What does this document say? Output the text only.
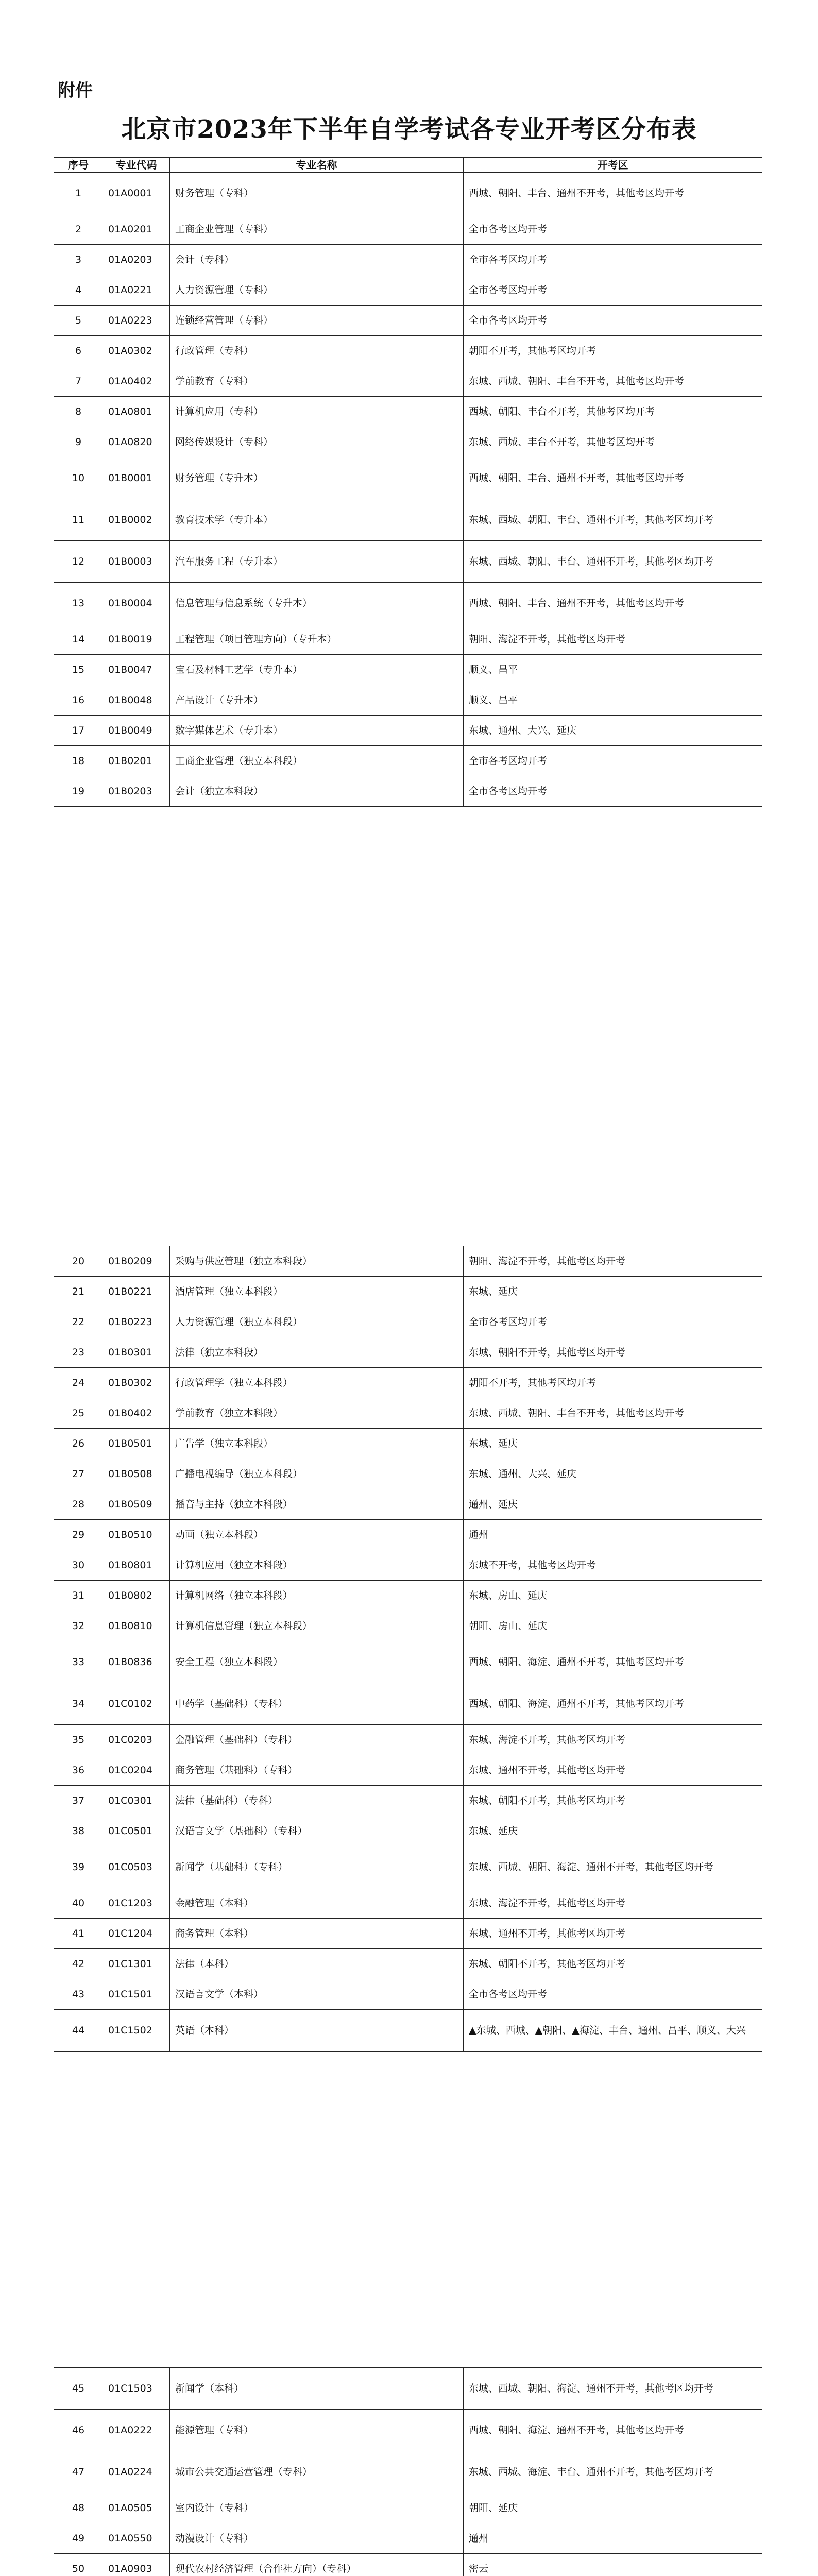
附件
北京市2023年下半年自学考试各专业开考区分布表
序号	专业代码	专业名称	开考区
1	01A0001	财务管理（专科）	西城、朝阳、丰台、通州不开考，其他考区均开考
2	01A0201	工商企业管理（专科）	全市各考区均开考
3	01A0203	会计（专科）	全市各考区均开考
4	01A0221	人力资源管理（专科）	全市各考区均开考
5	01A0223	连锁经营管理（专科）	全市各考区均开考
6	01A0302	行政管理（专科）	朝阳不开考，其他考区均开考
7	01A0402	学前教育（专科）	东城、西城、朝阳、丰台不开考，其他考区均开考
8	01A0801	计算机应用（专科）	西城、朝阳、丰台不开考，其他考区均开考
9	01A0820	网络传媒设计（专科）	东城、西城、丰台不开考，其他考区均开考
10	01B0001	财务管理（专升本）	西城、朝阳、丰台、通州不开考，其他考区均开考
11	01B0002	教育技术学（专升本）	东城、西城、朝阳、丰台、通州不开考，其他考区均开考
12	01B0003	汽车服务工程（专升本）	东城、西城、朝阳、丰台、通州不开考，其他考区均开考
13	01B0004	信息管理与信息系统（专升本）	西城、朝阳、丰台、通州不开考，其他考区均开考
14	01B0019	工程管理（项目管理方向）（专升本）	朝阳、海淀不开考，其他考区均开考
15	01B0047	宝石及材料工艺学（专升本）	顺义、昌平
16	01B0048	产品设计（专升本）	顺义、昌平
17	01B0049	数字媒体艺术（专升本）	东城、通州、大兴、延庆
18	01B0201	工商企业管理（独立本科段）	全市各考区均开考
19	01B0203	会计（独立本科段）	全市各考区均开考
20	01B0209	采购与供应管理（独立本科段）	朝阳、海淀不开考，其他考区均开考
21	01B0221	酒店管理（独立本科段）	东城、延庆
22	01B0223	人力资源管理（独立本科段）	全市各考区均开考
23	01B0301	法律（独立本科段）	东城、朝阳不开考，其他考区均开考
24	01B0302	行政管理学（独立本科段）	朝阳不开考，其他考区均开考
25	01B0402	学前教育（独立本科段）	东城、西城、朝阳、丰台不开考，其他考区均开考
26	01B0501	广告学（独立本科段）	东城、延庆
27	01B0508	广播电视编导（独立本科段）	东城、通州、大兴、延庆
28	01B0509	播音与主持（独立本科段）	通州、延庆
29	01B0510	动画（独立本科段）	通州
30	01B0801	计算机应用（独立本科段）	东城不开考，其他考区均开考
31	01B0802	计算机网络（独立本科段）	东城、房山、延庆
32	01B0810	计算机信息管理（独立本科段）	朝阳、房山、延庆
33	01B0836	安全工程（独立本科段）	西城、朝阳、海淀、通州不开考，其他考区均开考
34	01C0102	中药学（基础科）（专科）	西城、朝阳、海淀、通州不开考，其他考区均开考
35	01C0203	金融管理（基础科）（专科）	东城、海淀不开考，其他考区均开考
36	01C0204	商务管理（基础科）（专科）	东城、通州不开考，其他考区均开考
37	01C0301	法律（基础科）（专科）	东城、朝阳不开考，其他考区均开考
38	01C0501	汉语言文学（基础科）（专科）	东城、延庆
39	01C0503	新闻学（基础科）（专科）	东城、西城、朝阳、海淀、通州不开考，其他考区均开考
40	01C1203	金融管理（本科）	东城、海淀不开考，其他考区均开考
41	01C1204	商务管理（本科）	东城、通州不开考，其他考区均开考
42	01C1301	法律（本科）	东城、朝阳不开考，其他考区均开考
43	01C1501	汉语言文学（本科）	全市各考区均开考
44	01C1502	英语（本科）	▲东城、西城、▲朝阳、▲海淀、丰台、通州、昌平、顺义、大兴
45	01C1503	新闻学（本科）	东城、西城、朝阳、海淀、通州不开考，其他考区均开考
46	01A0222	能源管理（专科）	西城、朝阳、海淀、通州不开考，其他考区均开考
47	01A0224	城市公共交通运营管理（专科）	东城、西城、海淀、丰台、通州不开考，其他考区均开考
48	01A0505	室内设计（专科）	朝阳、延庆
49	01A0550	动漫设计（专科）	通州
50	01A0903	现代农村经济管理（合作社方向）（专科）	密云
